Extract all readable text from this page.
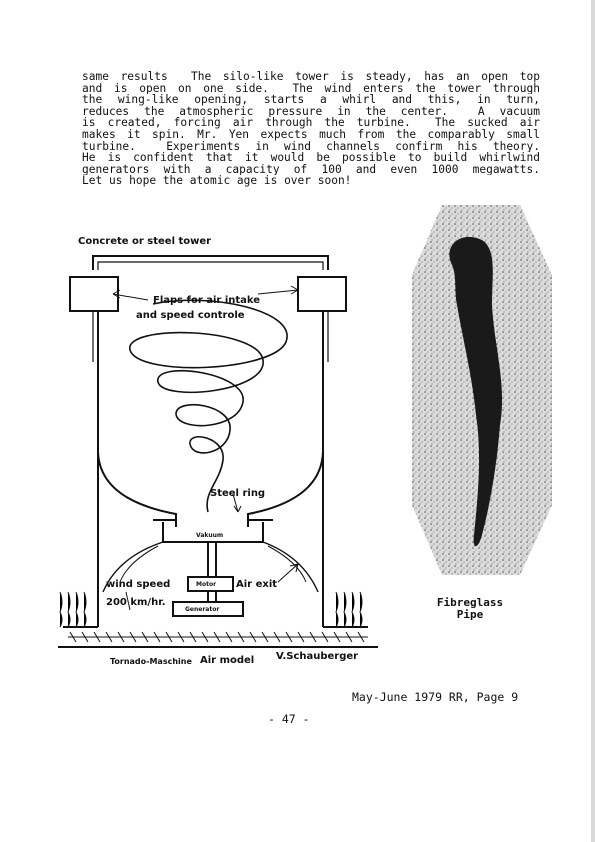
same results  The silo-like tower is steady, has an open top
and is open on one side.  The wind enters the tower through
the wing-like opening, starts a whirl and this, in turn,
reduces the atmospheric pressure in the center.  A vacuum
is created, forcing air through the turbine.  The sucked air
makes it spin. Mr. Yen expects much from the comparably small
turbine.  Experiments in wind channels confirm his theory.
He is confident that it would be possible to build whirlwind
generators with a capacity of 100 and even 1000 megawatts.
Let us hope the atomic age is over soon!
Concrete or steel tower
Flaps for air intake
and speed controle
Steel ring
Vakuum
Motor
Generator
Air exit
wind speed
200 km/hr.
Tornado-Maschine Air model V.Schauberger
Fibreglass
Pipe
May-June 1979 RR, Page 9
- 47 -
